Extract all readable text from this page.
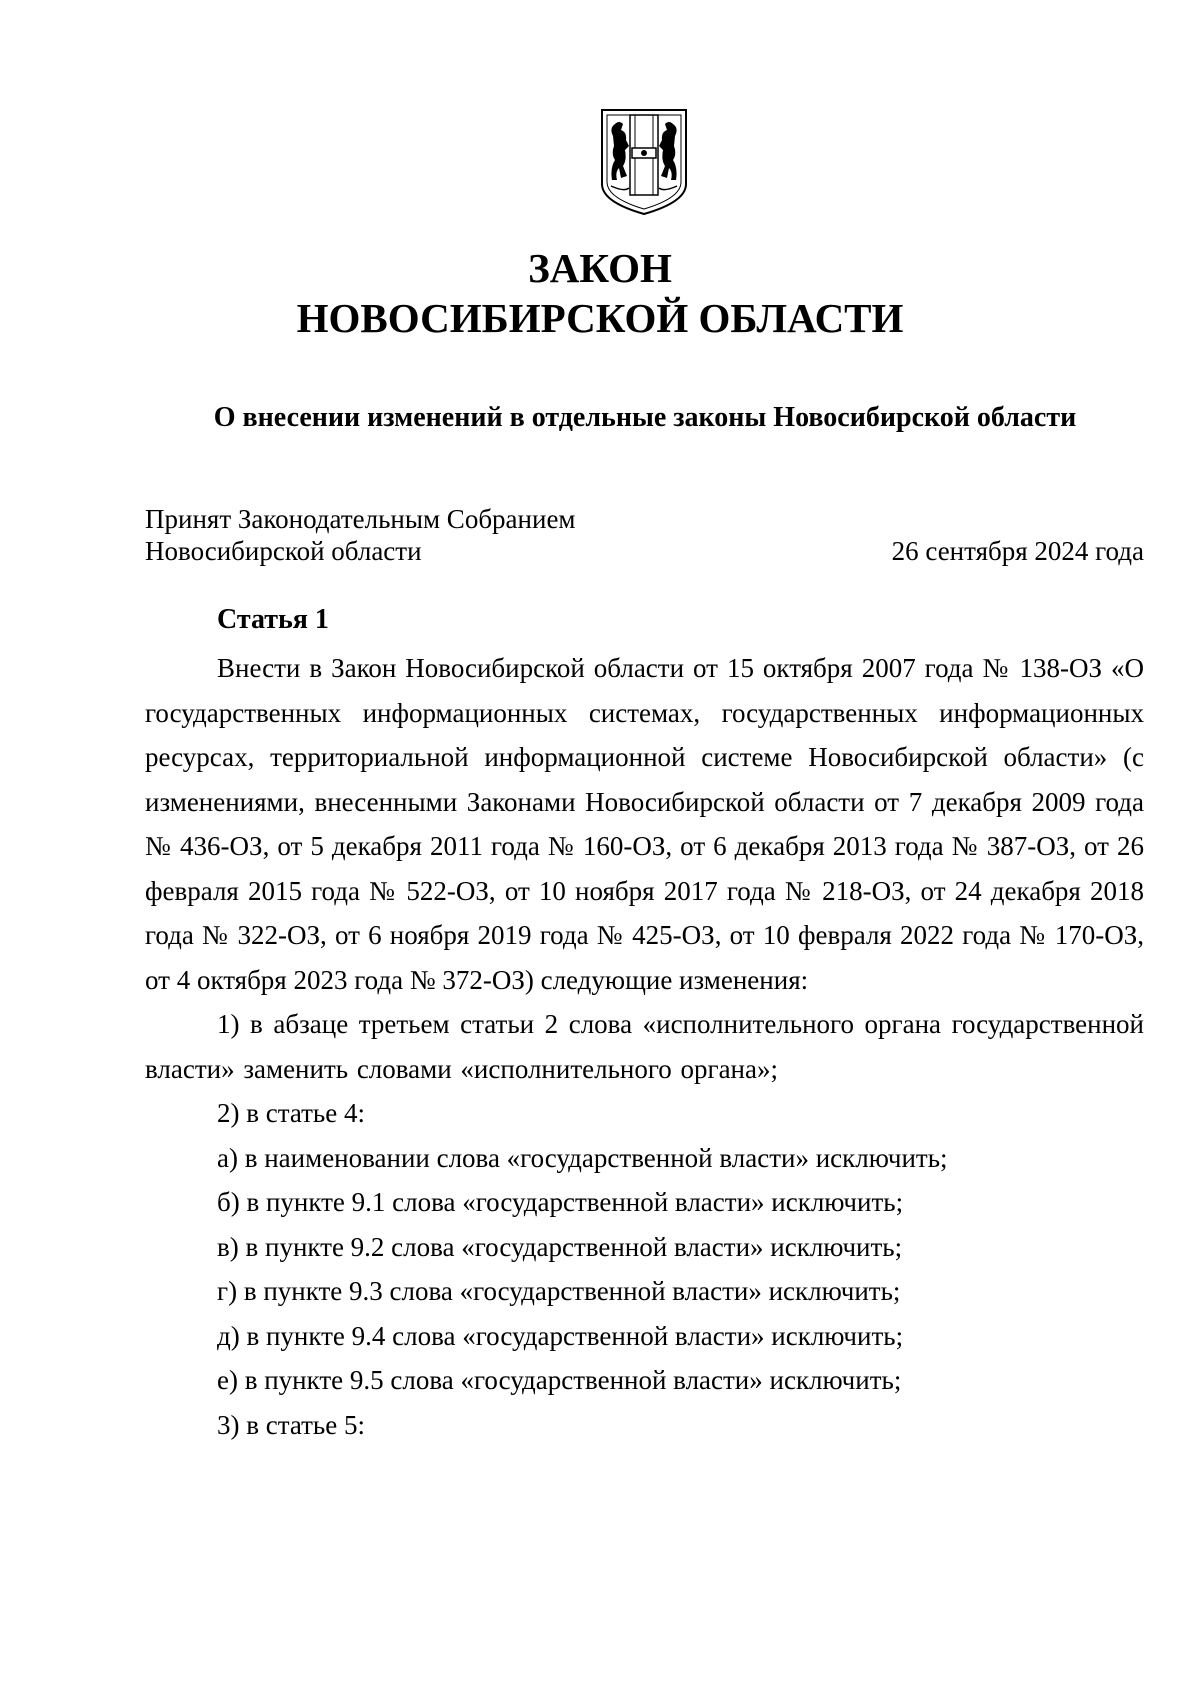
ЗАКОН
НОВОСИБИРСКОЙ ОБЛАСТИ
О внесении изменений в отдельные законы Новосибирской области
Принят Законодательным Собранием
Новосибирской области	26 сентября 2024 года
Статья 1

Внести в Закон Новосибирской области от 15 октября 2007 года № 138-ОЗ «О государственных информационных системах, государственных информационных ресурсах, территориальной информационной системе Новосибирской области» (с изменениями, внесенными Законами Новосибирской области от 7 декабря 2009 года № 436-ОЗ, от 5 декабря 2011 года № 160-ОЗ, от 6 декабря 2013 года № 387-ОЗ, от 26 февраля 2015 года № 522-ОЗ, от 10 ноября 2017 года № 218-ОЗ, от 24 декабря 2018 года № 322-ОЗ, от 6 ноября 2019 года № 425-ОЗ, от 10 февраля 2022 года № 170-ОЗ, от 4 октября 2023 года № 372-ОЗ) следующие изменения:

1) в абзаце третьем статьи 2 слова «исполнительного органа государственной власти» заменить словами «исполнительного органа»;

2) в статье 4:

а) в наименовании слова «государственной власти» исключить;

б) в пункте 9.1 слова «государственной власти» исключить;

в) в пункте 9.2 слова «государственной власти» исключить;

г) в пункте 9.3 слова «государственной власти» исключить;

д) в пункте 9.4 слова «государственной власти» исключить;

е) в пункте 9.5 слова «государственной власти» исключить;

3) в статье 5:
